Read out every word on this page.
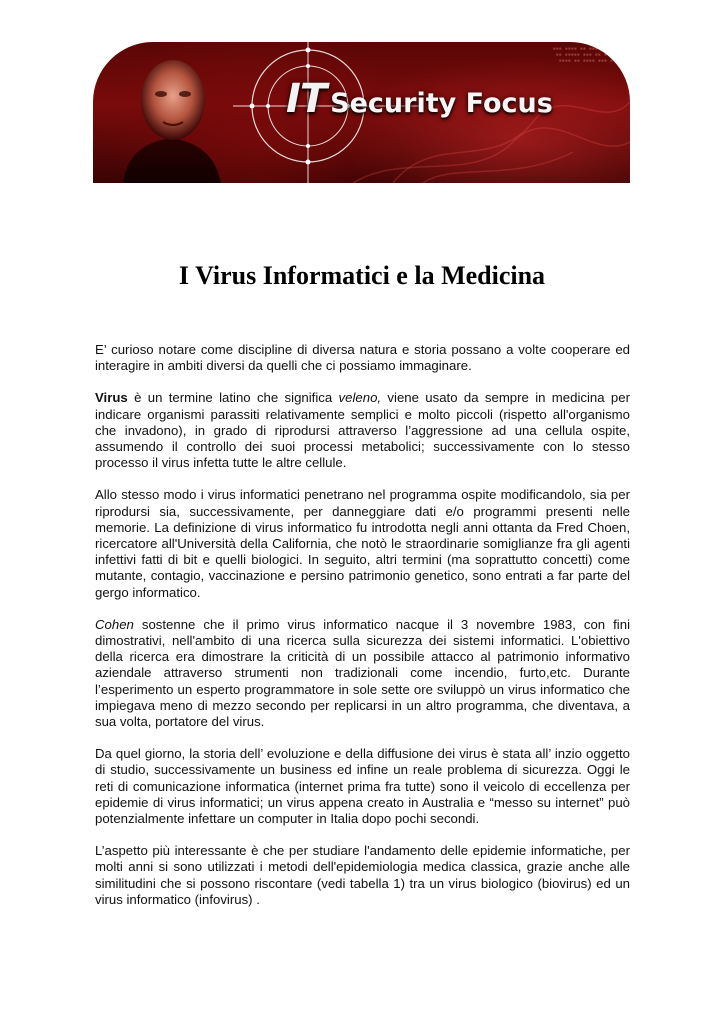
▪▪▪ ▪▪▪▪ ▪▪ ▪▪▪▪▪ ▪▪▪
▪▪ ▪▪▪▪▪ ▪▪▪ ▪▪ ▪▪▪▪
▪▪▪▪ ▪▪ ▪▪▪▪ ▪▪▪ ▪▪
IT Security Focus
I Virus Informatici e la Medicina

E’ curioso notare come discipline di diversa natura e storia possano a volte cooperare ed interagire in ambiti diversi da quelli che ci possiamo immaginare.

Virus è un termine latino che significa veleno, viene usato da sempre in medicina per indicare organismi parassiti relativamente semplici e molto piccoli (rispetto all'organismo che invadono), in grado di riprodursi attraverso l’aggressione ad una cellula ospite, assumendo il controllo dei suoi processi metabolici; successivamente con lo stesso processo il virus infetta tutte le altre cellule.

Allo stesso modo i virus informatici penetrano nel programma ospite modificandolo, sia per riprodursi sia, successivamente, per danneggiare dati e/o programmi presenti nelle memorie. La definizione di virus informatico fu introdotta negli anni ottanta da Fred Choen, ricercatore all'Università della California, che notò le straordinarie somiglianze fra gli agenti infettivi fatti di bit e quelli biologici. In seguito, altri termini (ma soprattutto concetti) come mutante, contagio, vaccinazione e persino patrimonio genetico, sono entrati a far parte del gergo informatico.

Cohen sostenne che il primo virus informatico nacque il 3 novembre 1983, con fini dimostrativi, nell'ambito di una ricerca sulla sicurezza dei sistemi informatici. L'obiettivo della ricerca era dimostrare la criticità di un possibile attacco al patrimonio informativo aziendale attraverso strumenti non tradizionali come incendio, furto,etc. Durante l’esperimento un esperto programmatore in sole sette ore sviluppò un virus informatico che impiegava meno di mezzo secondo per replicarsi in un altro programma, che diventava, a sua volta, portatore del virus.

Da quel giorno, la storia dell’ evoluzione e della diffusione dei virus è stata all’ inzio oggetto di studio, successivamente un business ed infine un reale problema di sicurezza. Oggi le reti di comunicazione informatica (internet prima fra tutte) sono il veicolo di eccellenza per epidemie di virus informatici; un virus appena creato in Australia e “messo su internet” può potenzialmente infettare un computer in Italia dopo pochi secondi.

L’aspetto più interessante è che per studiare l'andamento delle epidemie informatiche, per molti anni si sono utilizzati i metodi dell'epidemiologia medica classica, grazie anche alle similitudini che si possono riscontare (vedi tabella 1) tra un virus biologico (biovirus) ed un virus informatico (infovirus) .
